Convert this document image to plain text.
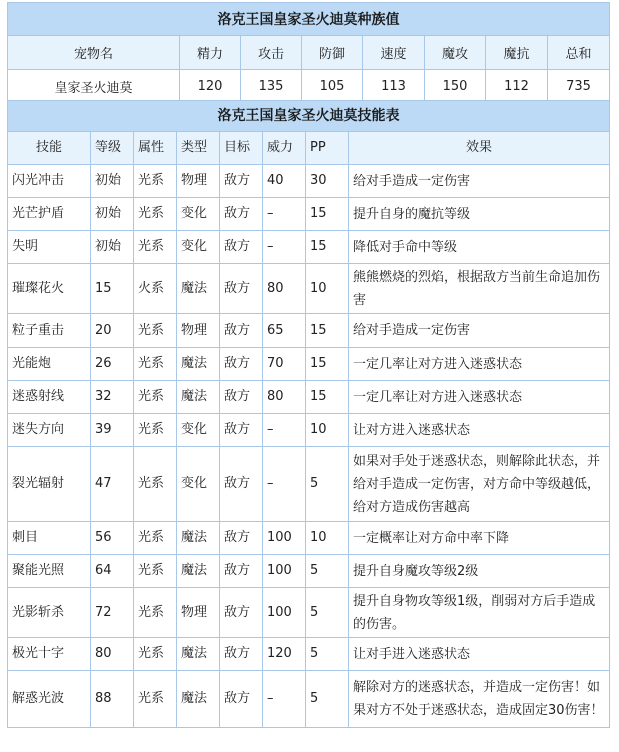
洛克王国皇家圣火迪莫种族值							
宠物名	精力	攻击	防御	速度	魔攻	魔抗	总和
皇家圣火迪莫	120	135	105	113	150	112	735
洛克王国皇家圣火迪莫技能表							
技能	等级	属性	类型	目标	威力	PP	效果
闪光冲击	初始	光系	物理	敌方	40	30	给对手造成一定伤害
光芒护盾	初始	光系	变化	敌方	–	15	提升自身的魔抗等级
失明	初始	光系	变化	敌方	–	15	降低对手命中等级
璀璨花火	15	火系	魔法	敌方	80	10	熊熊燃烧的烈焰，根据敌方当前生命追加伤害
粒子重击	20	光系	物理	敌方	65	15	给对手造成一定伤害
光能炮	26	光系	魔法	敌方	70	15	一定几率让对方进入迷惑状态
迷惑射线	32	光系	魔法	敌方	80	15	一定几率让对方进入迷惑状态
迷失方向	39	光系	变化	敌方	–	10	让对方进入迷惑状态
裂光辐射	47	光系	变化	敌方	–	5	如果对手处于迷惑状态，则解除此状态，并给对手造成一定伤害，对方命中等级越低，给对方造成伤害越高
刺目	56	光系	魔法	敌方	100	10	一定概率让对方命中率下降
聚能光照	64	光系	魔法	敌方	100	5	提升自身魔攻等级2级
光影斩杀	72	光系	物理	敌方	100	5	提升自身物攻等级1级，削弱对方后手造成的伤害。
极光十字	80	光系	魔法	敌方	120	5	让对手进入迷惑状态
解惑光波	88	光系	魔法	敌方	–	5	解除对方的迷惑状态，并造成一定伤害！如果对方不处于迷惑状态，造成固定30伤害！
